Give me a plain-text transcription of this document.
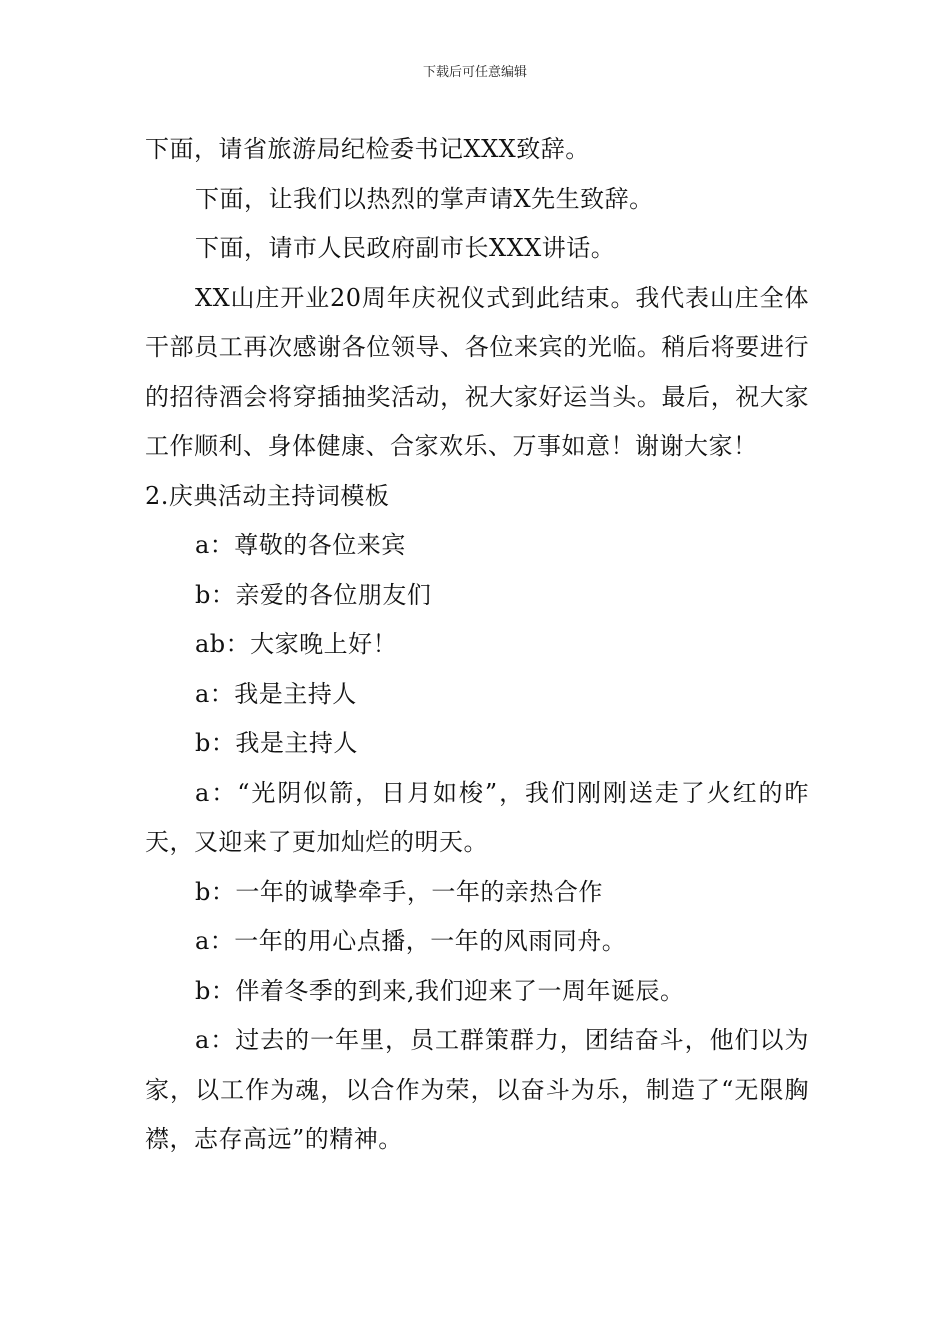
下载后可任意编辑

下面，请省旅游局纪检委书记XXX致辞。

下面，让我们以热烈的掌声请X先生致辞。

下面，请市人民政府副市长XXX讲话。

XX山庄开业20周年庆祝仪式到此结束。我代表山庄全体干部员工再次感谢各位领导、各位来宾的光临。稍后将要进行的招待酒会将穿插抽奖活动，祝大家好运当头。最后，祝大家工作顺利、身体健康、合家欢乐、万事如意！谢谢大家！

2.庆典活动主持词模板

a：尊敬的各位来宾

b：亲爱的各位朋友们

ab：大家晚上好！

a：我是主持人

b：我是主持人

a：“光阴似箭，日月如梭”，我们刚刚送走了火红的昨天，又迎来了更加灿烂的明天。

b：一年的诚挚牵手，一年的亲热合作

a：一年的用心点播，一年的风雨同舟。

b：伴着冬季的到来,我们迎来了一周年诞辰。

a：过去的一年里，员工群策群力，团结奋斗，他们以为家，以工作为魂，以合作为荣，以奋斗为乐，制造了“无限胸襟，志存高远”的精神。
